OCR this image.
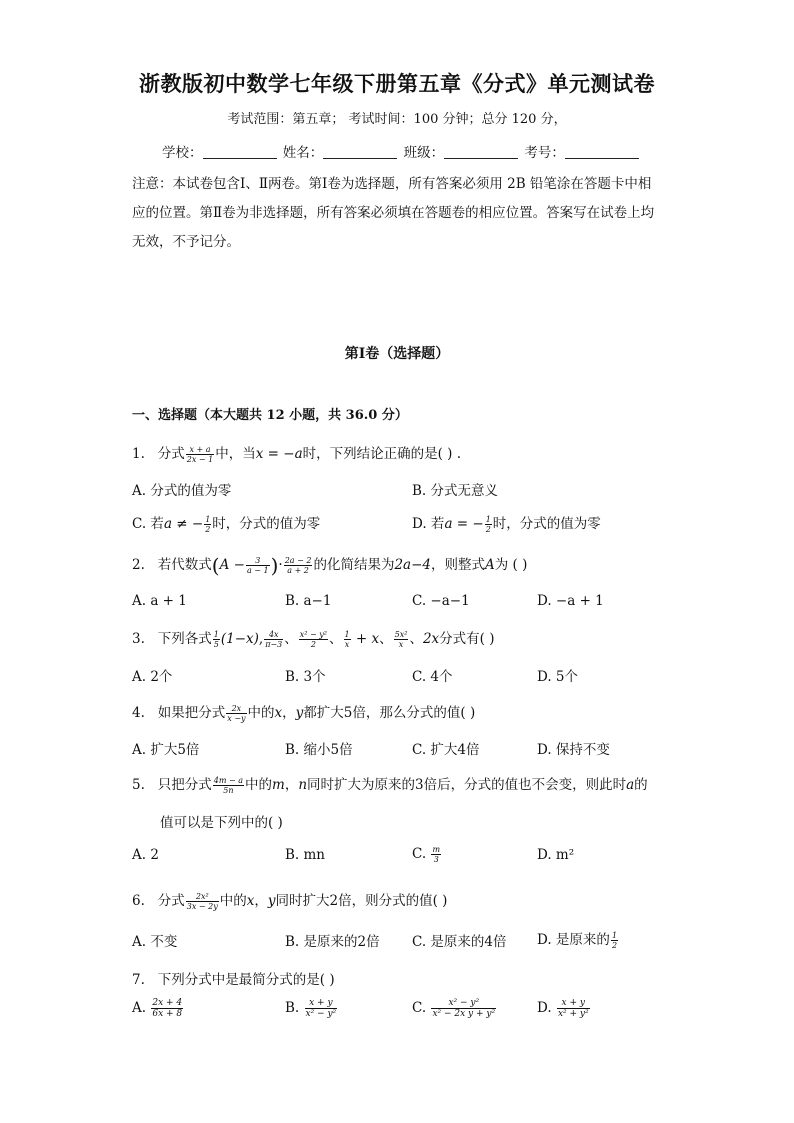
浙教版初中数学七年级下册第五章《分式》单元测试卷
考试范围：第五章； 考试时间：100 分钟；总分 120 分，
学校：	姓名：	班级：	考号：
注意：本试卷包含Ⅰ、Ⅱ两卷。第Ⅰ卷为选择题，所有答案必须用 2B 铅笔涂在答题卡中相应的位置。第Ⅱ卷为非选择题，所有答案必须填在答题卷的相应位置。答案写在试卷上均无效，不予记分。
第Ⅰ卷（选择题）
一、选择题（本大题共 12 小题，共 36.0 分）
1. 分式 $\frac{x + a}{2x - 1}$ 中，当x = −a时，下列结论正确的是( ) .
A. 分式的值为零	B. 分式无意义
C. 若a ≠ − $\frac{1}{2}$ 时，分式的值为零	D. 若a = − $\frac{1}{2}$ 时，分式的值为零
2. 若代数式($A - \frac{3}{a - 1}$ )· $\frac{2a - 2}{a + 2}$ 的化简结果为2a−4，则整式A为 ( )
A. a + 1	B. a−1	C. −a−1	D. −a + 1
3. 下列各式 $\frac{1}{5} (1-x)$, $\frac{4x}{\pi-3}$ 、 $\frac{\text{x² − y²}}{2}$ 、 $\frac{1}{x} + x$、 $\frac{\text{5x²}}{x}$ 、2x分式有( )
A. 2个	B. 3个	C. 4个	D. 5个
4. 如果把分式 $\frac{2x}{x -y}$ 中的x，y都扩大5倍，那么分式的值( )
A. 扩大5倍	B. 缩小5倍	C. 扩大4倍	D. 保持不变
5. 只把分式 $\frac{4m - a}{5n}$ 中的m，n同时扩大为原来的3倍后，分式的值也不会变，则此时a的
值可以是下列中的( )
A. 2	B. mn	C. $\frac{m}{3}$	D. m²
6. 分式 $\frac{\text{2x²}}{3x - 2y}$ 中的x，y同时扩大2倍，则分式的值( )
A. 不变	B. 是原来的2倍 C. 是原来的4倍 D. 是原来的 $\frac{1}{2}$
7. 下列分式中是最简分式的是( )
A. $\frac{2x + 4}{6x + 8}$	B. $\frac{x + y}{\text{x² − y²}}$	C. $\frac{\text{x² − y²}}{\text{x² − 2x y + y²}}$	D. $\frac{x + y}{\text{x² + y²}}$
